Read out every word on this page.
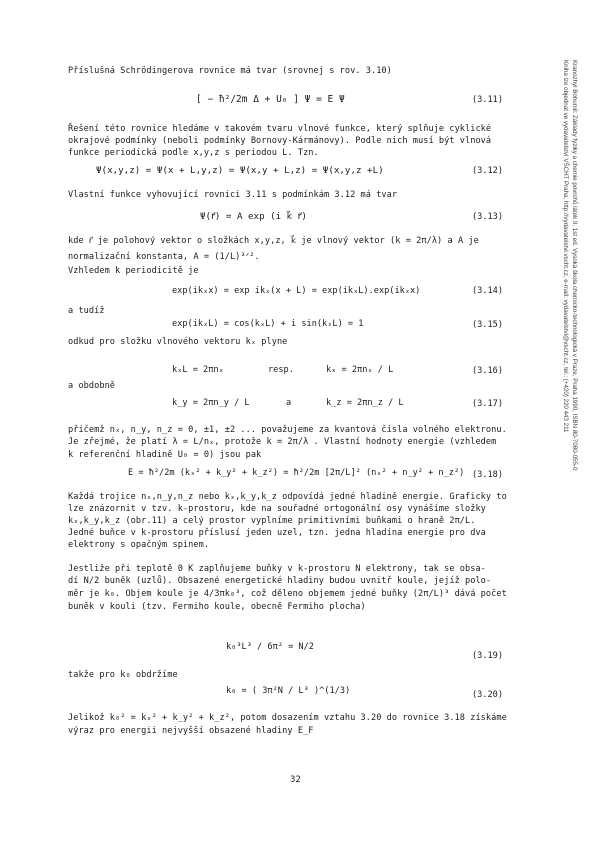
Příslušná Schrödingerova rovnice má tvar (srovnej s rov. 3.10)
[ − ħ²/2m Δ + U₀ ] Ψ = E Ψ	(3.11)
Řešení této rovnice hledáme v takovém tvaru vlnové funkce, který splňuje cyklické
okrajové podmínky (neboli podmínky Bornovy-Kármánovy). Podle nich musí být vlnová
funkce periodická podle x,y,z s periodou L. Tzn.
Ψ(x,y,z) = Ψ(x + L,y,z) = Ψ(x,y + L,z) = Ψ(x,y,z +L)	(3.12)
Vlastní funkce vyhovující rovnici 3.11 s podmínkám 3.12 má tvar
Ψ(r⃗) = A exp (i k⃗ r⃗)	(3.13)
kde r⃗ je polohový vektor o složkách x,y,z, k⃗ je vlnový vektor (k = 2π/λ) a A je
normalizační konstanta, A = (1/L)³ᐟ².
Vzhledem k periodicitě je
exp(ikₓx) = exp ikₓ(x + L) = exp(ikₓL).exp(ikₓx)	(3.14)
a tudíž
exp(ikₓL) = cos(kₓL) + i sin(kₓL) = 1	(3.15)
odkud pro složku vlnového vektoru kₓ plyne
kₓL = 2πnₓ	resp.	kₓ = 2πnₓ / L	(3.16)
a obdobně
k_y = 2πn_y / L	a	k_z = 2πn_z / L	(3.17)
přičemž nₓ, n_y, n_z = 0, ±1, ±2 ... považujeme za kvantová čísla volného elektronu.
Je zřejmé, že platí λ = L/nₓ, protože k = 2π/λ . Vlastní hodnoty energie (vzhledem
k referenční hladině U₀ = 0) jsou pak
E = ħ²/2m (kₓ² + k_y² + k_z²) = ħ²/2m [2π/L]² (nₓ² + n_y² + n_z²) (3.18)
Každá trojice nₓ,n_y,n_z nebo kₓ,k_y,k_z odpovídá jedné hladině energie. Graficky to
lze znázornit v tzv. k-prostoru, kde na souřadné ortogonální osy vynášíme složky
kₓ,k_y,k_z (obr.11) a celý prostor vyplníme primitivními buňkami o hraně 2π/L.
Jedné buňce v k-prostoru příslusí jeden uzel, tzn. jedna hladina energie pro dva
elektrony s opačným spinem.
Jestliže při teplotě 0 K zaplňujeme buňky v k-prostoru N elektrony, tak se obsa-
dí N/2 buněk (uzlů). Obsazené energetické hladiny budou uvnitř koule, jejíž polo-
měr je k₀. Objem koule je 4/3πk₀³, což děleno objemem jedné buňky (2π/L)³ dává počet
buněk v kouli (tzv. Fermiho koule, obecně Fermiho plocha)
k₀³L³ / 6π² = N/2
(3.19)
takže pro k₀ obdržíme
k₀ = ( 3π²N / L³ )^(1/3)	(3.20)
Jelikož k₀² = kₓ² + k_y² + k_z², potom dosazením vztahu 3.20 do rovnice 3.18 získáme
výraz pro energii nejvyšší obsazené hladiny E_F
32
Kranozhyl Bohumil: Základy fyziky a chemie povrchů látek II. 1st ed. Vysoká škola chemicko-technologická v Praze, Praha 1990, ISBN 80-7080-055-0
Kniha lze objednat ve vydavatelství VŠCHT Praha, http://vydavatelstvi.vscht.cz, e-mail: vydavatelstvi@vscht.cz, tel.: (+420) 220 443 211
